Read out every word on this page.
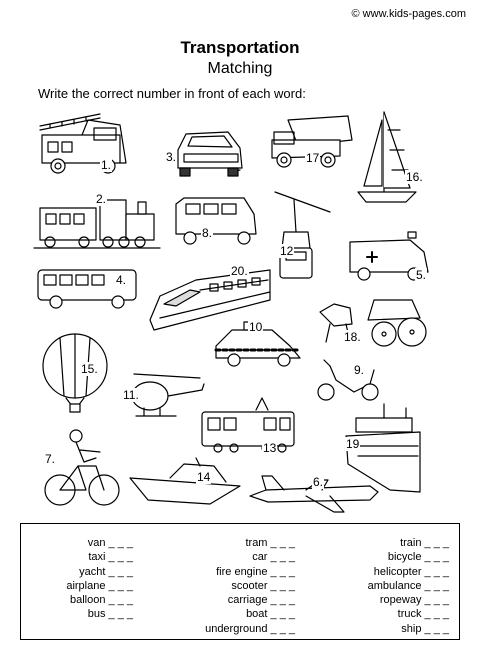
© www.kids-pages.com
Transportation
Matching
Write the correct number in front of each word:
1.
2.
3.
4.	5.
6.
7.
8.
9.
10
11.
12
13
14
15.
16.
17
18.
19
20.
van _ _ _
taxi _ _ _
yacht _ _ _
airplane _ _ _
balloon _ _ _
bus _ _ _
tram _ _ _
car _ _ _
fire engine _ _ _
scooter _ _ _
carriage _ _ _
boat _ _ _
underground _ _ _
train _ _ _
bicycle _ _ _
helicopter _ _ _
ambulance _ _ _
ropeway _ _ _
truck _ _ _
ship _ _ _
